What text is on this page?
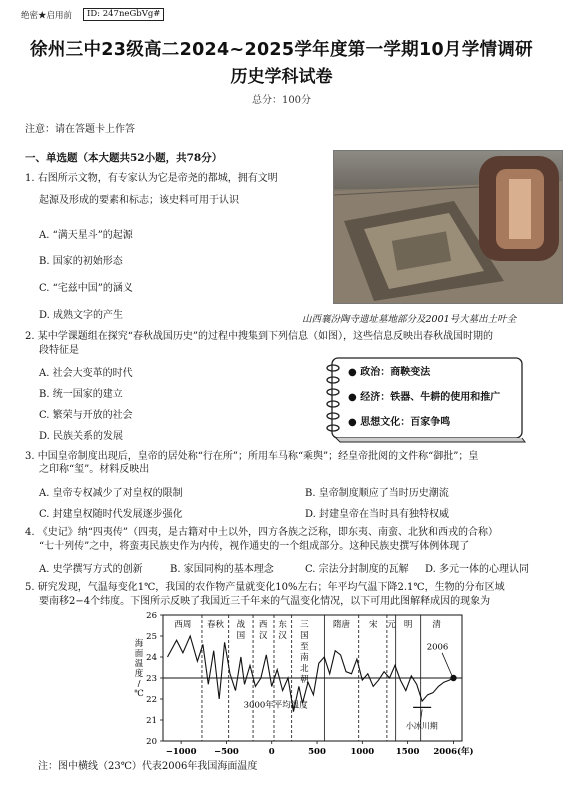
绝密★启用前	ID: 247neGbVg#
徐州三中23级高二2024~2025学年度第一学期10月学情调研
历史学科试卷
总分：100分
注意：请在答题卡上作答
一、单选题（本大题共52小题，共78分）
1. 右图所示文物，有专家认为它是帝尧的都城，拥有文明
起源及形成的要素和标志；该史料可用于认识
A. “满天星斗”的起源
B. 国家的初始形态
C. “宅兹中国”的涵义
D. 成熟文字的产生	山西襄汾陶寺遗址墓地部分及2001号大墓出土叶全
2. 某中学课题组在探究“春秋战国历史”的过程中搜集到下列信息（如图），这些信息反映出春秋战国时期的
段特征是
A. 社会大变革的时代
B. 统一国家的建立
C. 繁荣与开放的社会
D. 民族关系的发展
● 政治：商鞅变法
● 经济：铁器、牛耕的使用和推广
● 思想文化：百家争鸣
3. 中国皇帝制度出现后，皇帝的居处称“行在所”；所用车马称“乘舆”；经皇帝批阅的文件称“御批”；皇
之印称“玺”。材料反映出
A. 皇帝专权减少了对皇权的限制	B. 皇帝制度顺应了当时历史潮流
C. 封建皇权随时代发展逐步强化	D. 封建皇帝在当时具有独特权威
4. 《史记》纳“四夷传”（四夷，是古籍对中土以外，四方各族之泛称，即东夷、南蛮、北狄和西戎的合称）
“七十列传”之中，将蛮夷民族史作为内传，视作通史的一个组成部分。这种民族史撰写体例体现了
A. 史学撰写方式的创新	B. 家国同构的基本理念	C. 宗法分封制度的瓦解 D. 多元一体的心理认同
5. 研究发现，气温每变化1℃，我国的农作物产量就变化10%左右；年平均气温下降2.1℃，生物的分布区域
要南移2−4个纬度。下图所示反映了我国近三千年来的气温变化情况，以下可用此图解释成因的现象为
西周 春秋 战
国
西
汉
东
汉
三
国
至
南
北
朝
隋唐 宋 元 明 清
20
21
22
23
24
25
26
−1000 −500	0	500	1000	1500 2006(年)
海
面
温
度
/
℃
2006
3000年平均温度
小冰川期
注：图中横线（23℃）代表2006年我国海面温度
